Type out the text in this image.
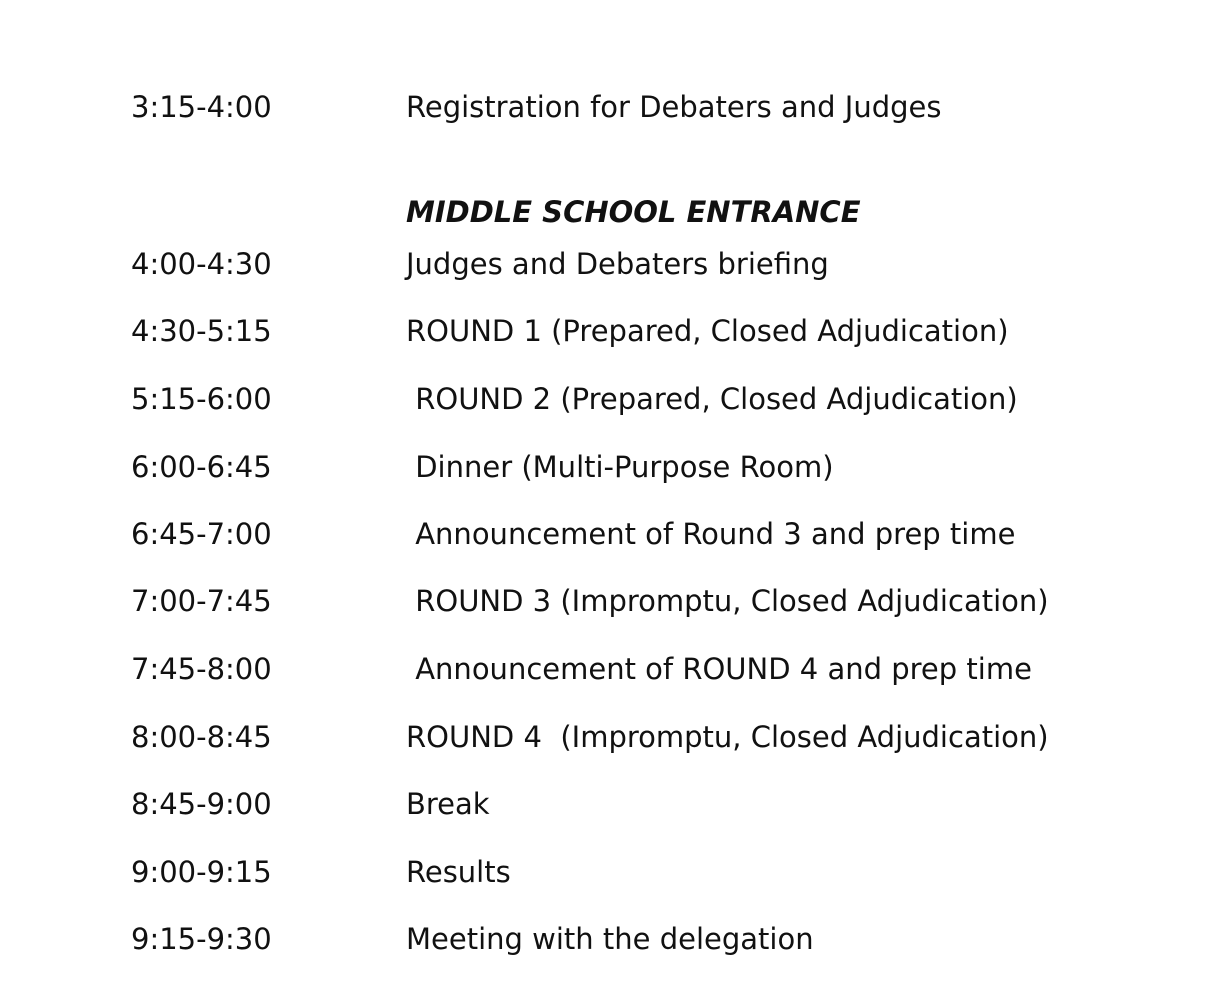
3:15-4:00	Registration for Debaters and Judges
MIDDLE SCHOOL ENTRANCE
4:00-4:30	Judges and Debaters briefing
4:30-5:15	ROUND 1 (Prepared, Closed Adjudication)
5:15-6:00	ROUND 2 (Prepared, Closed Adjudication)
6:00-6:45	Dinner (Multi-Purpose Room)
6:45-7:00	Announcement of Round 3 and prep time
7:00-7:45	ROUND 3 (Impromptu, Closed Adjudication)
7:45-8:00	Announcement of ROUND 4 and prep time
8:00-8:45	ROUND 4  (Impromptu, Closed Adjudication)
8:45-9:00	Break
9:00-9:15	Results
9:15-9:30	Meeting with the delegation
